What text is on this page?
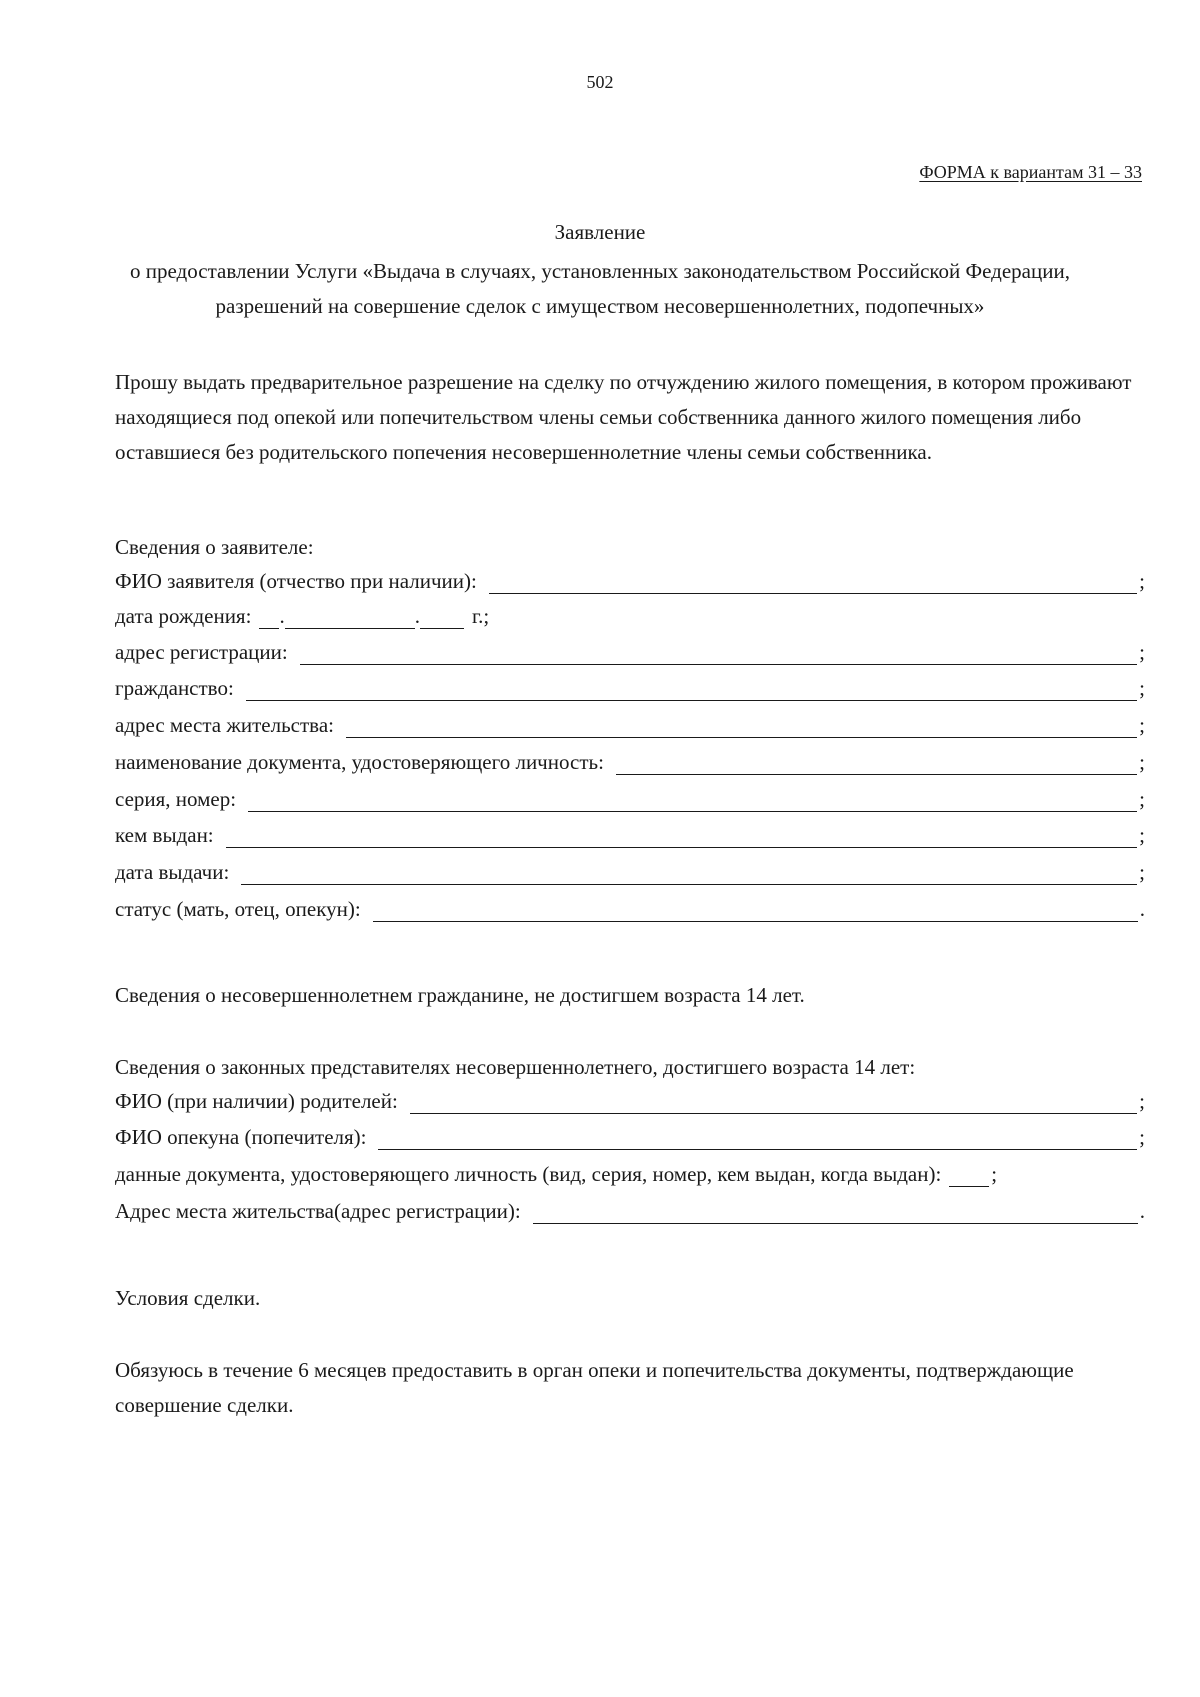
502
ФОРМА к вариантам 31 – 33
Заявление
о предоставлении Услуги «Выдача в случаях, установленных законодательством Российской Федерации, разрешений на совершение сделок с имуществом несовершеннолетних, подопечных»
Прошу выдать предварительное разрешение на сделку по отчуждению жилого помещения, в котором проживают находящиеся под опекой или попечительством члены семьи собственника данного жилого помещения либо оставшиеся без родительского попечения несовершеннолетние члены семьи собственника.
Сведения о заявителе:
ФИО заявителя (отчество при наличии):	;
дата рождения:	.	.	г.;
адрес регистрации:	;
гражданство:	;
адрес места жительства:	;
наименование документа, удостоверяющего личность:	;
серия, номер:	;
кем выдан:	;
дата выдачи:	;
статус (мать, отец, опекун):	.
Сведения о несовершеннолетнем гражданине, не достигшем возраста 14 лет.
Сведения о законных представителях несовершеннолетнего, достигшего возраста 14 лет:
ФИО (при наличии) родителей:	;
ФИО опекуна (попечителя):	;
данные документа, удостоверяющего личность (вид, серия, номер, кем выдан, когда выдан):	;
Адрес места жительства(адрес регистрации):	.
Условия сделки.
Обязуюсь в течение 6 месяцев предоставить в орган опеки и попечительства документы, подтверждающие совершение сделки.
